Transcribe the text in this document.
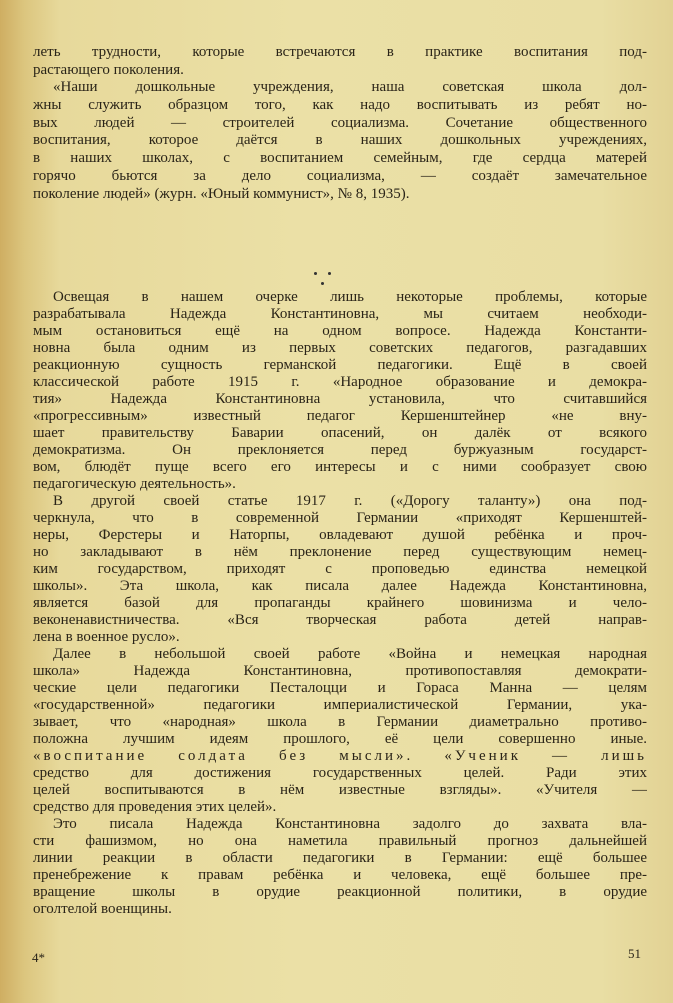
лeть трудности, которые встречаются в практике воспитания под-
растающего поколения.
«Наши дошкольные учреждения, наша советская школа дол-
жны служить образцом того, как надо воспитывать из ребят но-
вых людей — строителей социализма. Сочетание общественного
воспитания, которое даётся в наших дошкольных учреждениях,
в наших школах, с воспитанием семейным, где сердца матерей
горячо бьются за дело социализма, — создаёт замечательное
поколение людей» (журн. «Юный коммунист», № 8, 1935).
Освещая в нашем очерке лишь некоторые проблемы, которые
разрабатывала Надежда Константиновна, мы считаем необходи-
мым остановиться ещё на одном вопросе. Надежда Константи-
новна была одним из первых советских педагогов, разгадавших
реакционную сущность германской педагогики. Ещё в своей
классической работе 1915 г. «Народное образование и демокра-
тия» Надежда Константиновна установила, что считавшийся
«прогрессивным» известный педагог Кершенштейнер «не вну-
шает правительству Баварии опасений, он далёк от всякого
демократизма. Он преклоняется перед буржуазным государст-
вом, блюдёт пуще всего его интересы и с ними сообразует свою
педагогическую деятельность».
В другой своей статье 1917 г. («Дорогу таланту») она под-
черкнула, что в современной Германии «приходят Кершенштей-
неры, Ферстеры и Наторпы, овладевают душой ребёнка и проч-
но закладывают в нём преклонение перед существующим немец-
ким государством, приходят с проповедью единства немецкой
школы». Эта школа, как писала далее Надежда Константиновна,
является базой для пропаганды крайнего шовинизма и чело-
веконенавистничества. «Вся творческая работа детей направ-
лена в военное русло».
Далее в небольшой своей работе «Война и немецкая народная
школа» Надежда Константиновна, противопоставляя демократи-
ческие цели педагогики Песталоцци и Гораса Манна — целям
«государственной» педагогики империалистической Германии, ука-
зывает, что «народная» школа в Германии диаметрально противо-
положна лучшим идеям прошлого, её цели совершенно иные.
«воспитание солдата без мысли». «Ученик — лишь
средство для достижения государственных целей. Ради этих
целей воспитываются в нём известные взгляды». «Учителя —
средство для проведения этих целей».
Это писала Надежда Константиновна задолго до захвата вла-
сти фашизмом, но она наметила правильный прогноз дальнейшей
линии реакции в области педагогики в Германии: ещё большее
пренебрежение к правам ребёнка и человека, ещё большее пре-
вращение школы в орудие реакционной политики, в орудие
оголтелой военщины.
4*	51
